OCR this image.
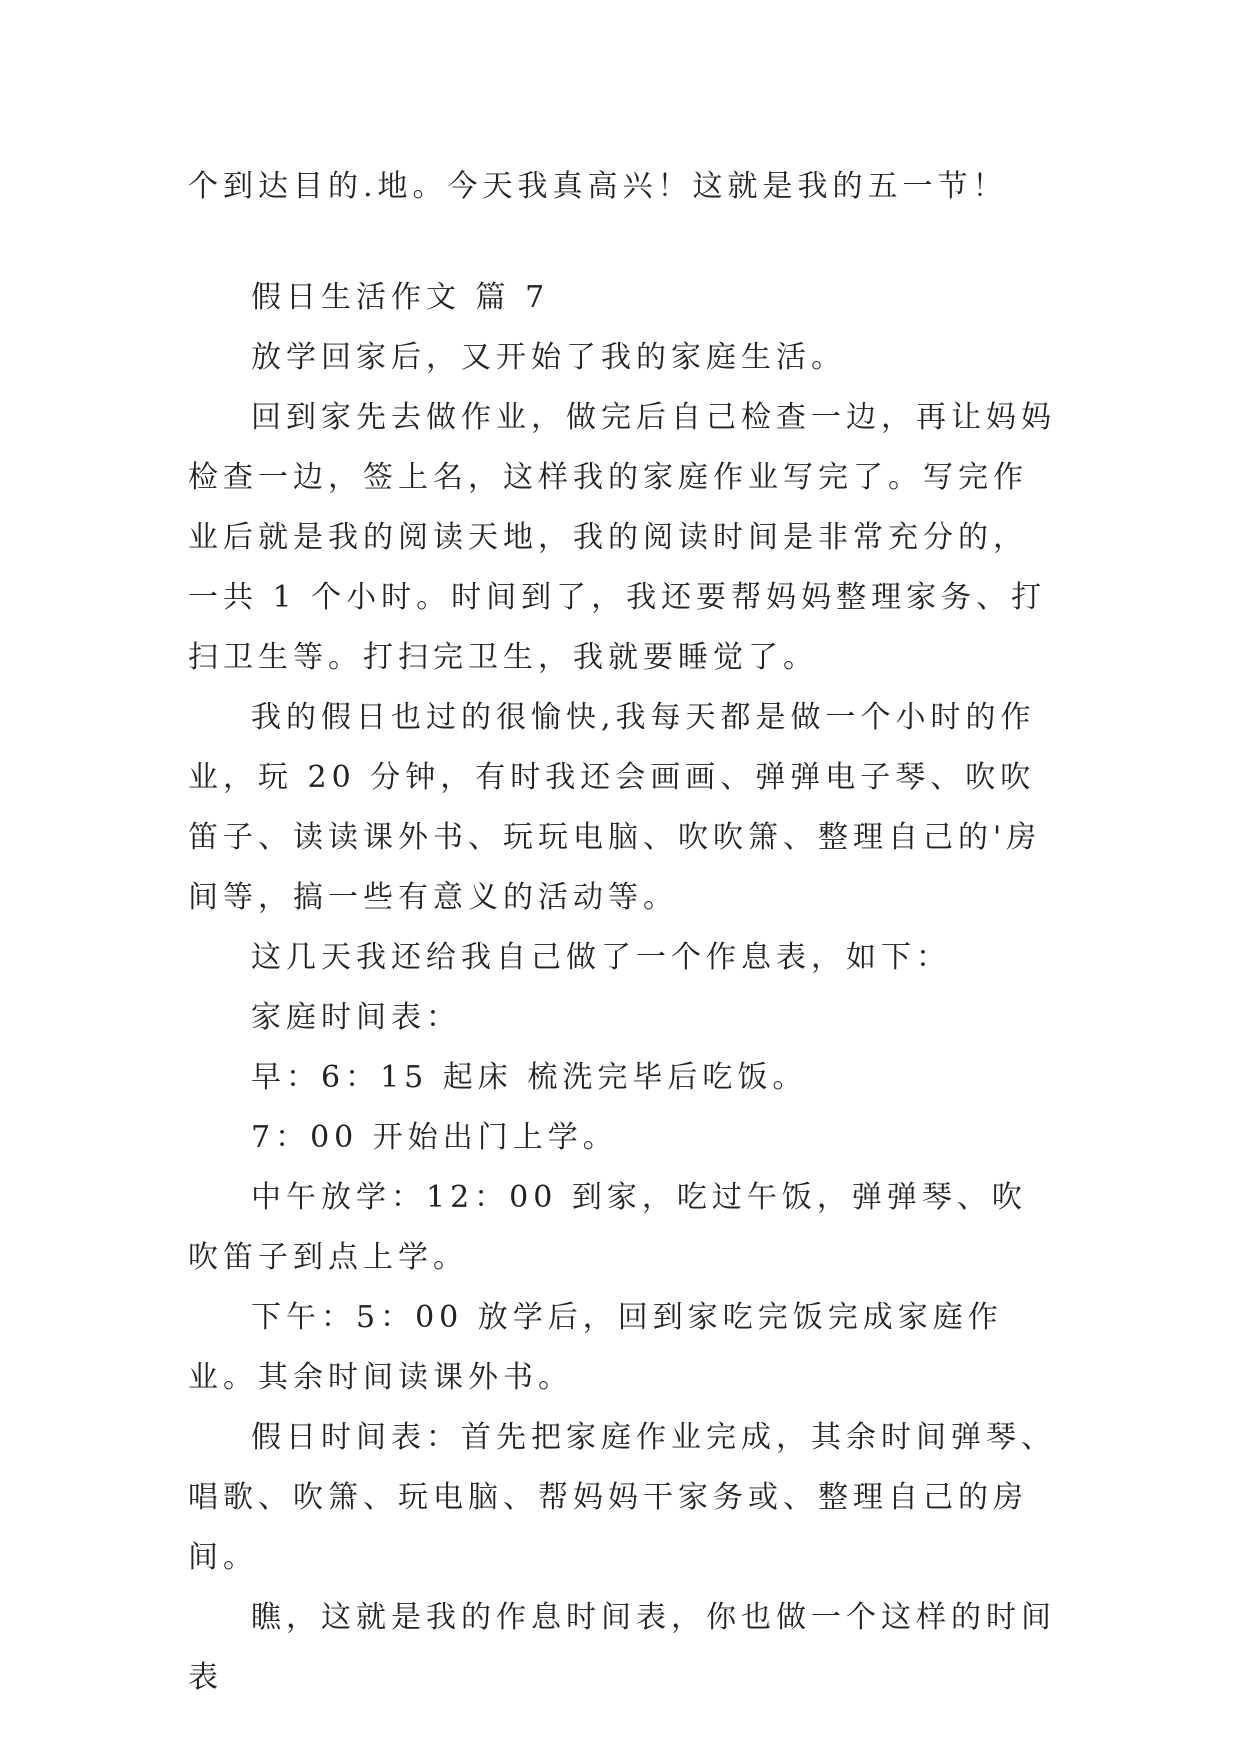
个到达目的.地。今天我真高兴！这就是我的五一节！

假日生活作文 篇 7

放学回家后，又开始了我的家庭生活。

回到家先去做作业，做完后自己检查一边，再让妈妈检查一边，签上名，这样我的家庭作业写完了。写完作业后就是我的阅读天地，我的阅读时间是非常充分的，一共 1 个小时。时间到了，我还要帮妈妈整理家务、打扫卫生等。打扫完卫生，我就要睡觉了。

我的假日也过的很愉快,我每天都是做一个小时的作业，玩 20 分钟，有时我还会画画、弹弹电子琴、吹吹笛子、读读课外书、玩玩电脑、吹吹箫、整理自己的'房间等，搞一些有意义的活动等。

这几天我还给我自己做了一个作息表，如下：

家庭时间表：

早：6：15 起床 梳洗完毕后吃饭。

7：00 开始出门上学。

中午放学：12：00 到家，吃过午饭，弹弹琴、吹吹笛子到点上学。

下午：5：00 放学后，回到家吃完饭完成家庭作业。其余时间读课外书。

假日时间表：首先把家庭作业完成，其余时间弹琴、唱歌、吹箫、玩电脑、帮妈妈干家务或、整理自己的房间。

瞧，这就是我的作息时间表，你也做一个这样的时间表
